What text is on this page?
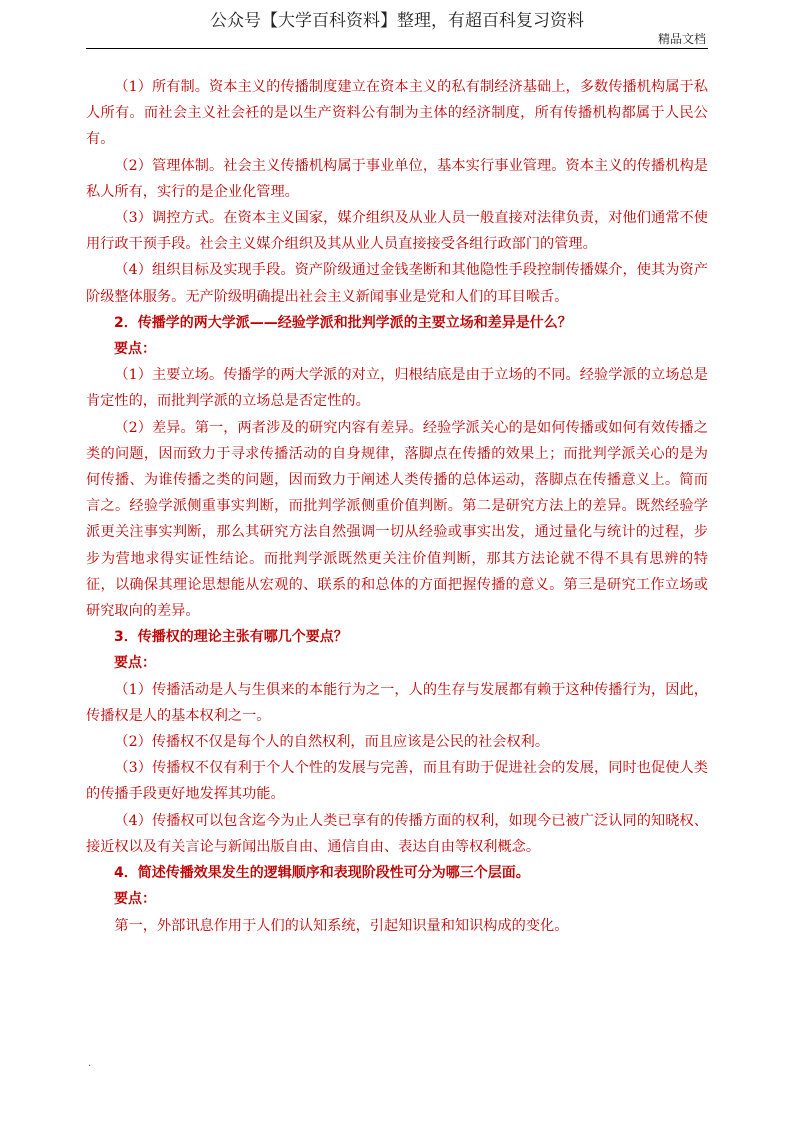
公众号【大学百科资料】整理，有超百科复习资料
精品文档

（1）所有制。资本主义的传播制度建立在资本主义的私有制经济基础上，多数传播机构属于私人所有。而社会主义社会衽的是以生产资料公有制为主体的经济制度，所有传播机构都属于人民公有。

（2）管理体制。社会主义传播机构属于事业单位，基本实行事业管理。资本主义的传播机构是私人所有，实行的是企业化管理。

（3）调控方式。在资本主义国家，媒介组织及从业人员一般直接对法律负责，对他们通常不使用行政干预手段。社会主义媒介组织及其从业人员直接接受各组行政部门的管理。

（4）组织目标及实现手段。资产阶级通过金钱垄断和其他隐性手段控制传播媒介，使其为资产阶级整体服务。无产阶级明确提出社会主义新闻事业是党和人们的耳目喉舌。

2．传播学的两大学派——经验学派和批判学派的主要立场和差异是什么？

要点：

（1）主要立场。传播学的两大学派的对立，归根结底是由于立场的不同。经验学派的立场总是肯定性的，而批判学派的立场总是否定性的。

（2）差异。第一，两者涉及的研究内容有差异。经验学派关心的是如何传播或如何有效传播之类的问题，因而致力于寻求传播活动的自身规律，落脚点在传播的效果上；而批判学派关心的是为何传播、为谁传播之类的问题，因而致力于阐述人类传播的总体运动，落脚点在传播意义上。简而言之。经验学派侧重事实判断，而批判学派侧重价值判断。第二是研究方法上的差异。既然经验学派更关注事实判断，那么其研究方法自然强调一切从经验或事实出发，通过量化与统计的过程，步步为营地求得实证性结论。而批判学派既然更关注价值判断，那其方法论就不得不具有思辨的特征，以确保其理论思想能从宏观的、联系的和总体的方面把握传播的意义。第三是研究工作立场或研究取向的差异。

3．传播权的理论主张有哪几个要点？

要点：

（1）传播活动是人与生俱来的本能行为之一，人的生存与发展都有赖于这种传播行为，因此，传播权是人的基本权利之一。

（2）传播权不仅是每个人的自然权利，而且应该是公民的社会权利。

（3）传播权不仅有利于个人个性的发展与完善，而且有助于促进社会的发展，同时也促使人类的传播手段更好地发挥其功能。

（4）传播权可以包含迄今为止人类已享有的传播方面的权利，如现今已被广泛认同的知晓权、接近权以及有关言论与新闻出版自由、通信自由、表达自由等权利概念。

4．简述传播效果发生的逻辑顺序和表现阶段性可分为哪三个层面。

要点：

第一，外部讯息作用于人们的认知系统，引起知识量和知识构成的变化。

.
